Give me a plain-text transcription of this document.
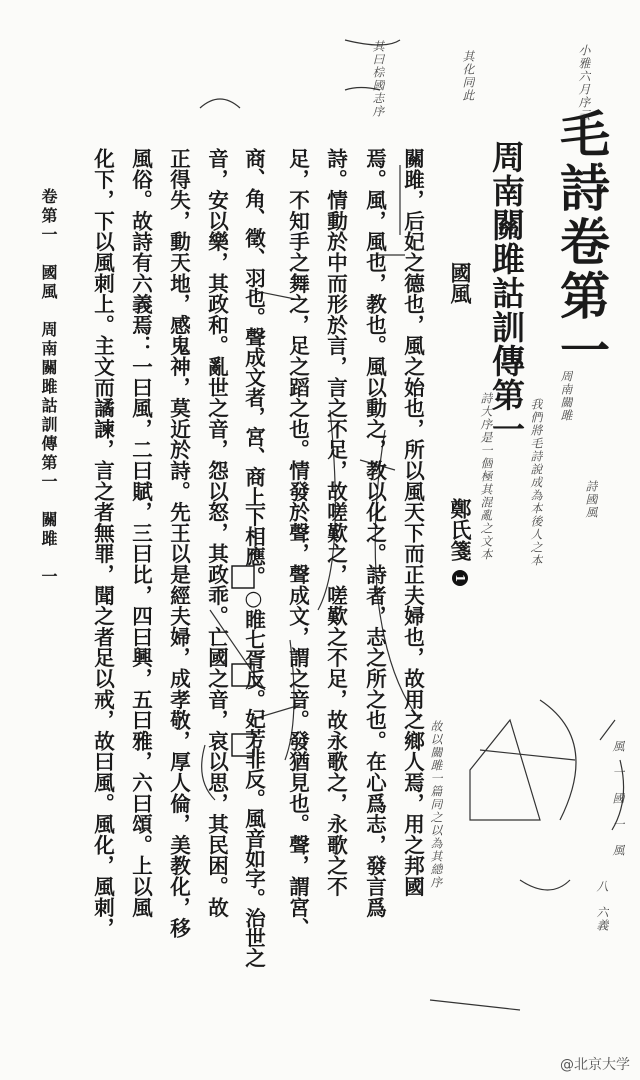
毛詩卷第一
周南關雎詁訓傳第一
國風
鄭氏箋 1
關雎，后妃之德也，風之始也，所以風天下而正夫婦也，故用之鄉人焉，用之邦國
焉。風，風也，教也。風以動之，教以化之。詩者，志之所之也。在心爲志，發言爲
詩。情動於中而形於言，言之不足，故嗟歎之，嗟歎之不足，故永歌之，永歌之不
足，不知手之舞之，足之蹈之也。情發於聲，聲成文，謂之音。發猶見也。聲，謂宮、
商、角、徵、羽也。聲成文者，宮、商上下相應。○睢七胥反。妃芳非反。風音如字。治世之
音，安以樂，其政和。亂世之音，怨以怒，其政乖。亡國之音，哀以思，其民困。故
正得失，動天地，感鬼神，莫近於詩。先王以是經夫婦，成孝敬，厚人倫，美教化，移
風俗。故詩有六義焉：一曰風，二曰賦，三曰比，四曰興，五曰雅，六曰頌。上以風
化下，下以風刺上。主文而譎諫，言之者無罪，聞之者足以戒，故曰風。風化，風刺，
卷第一　國風　周南關雎詁訓傳第一　關雎　一
小雅六月序云
其化同此
其曰棕國志序
詩大序是一個極其混亂之文本	我們將毛詩說成為本後人之本	詩國風
周南關雎
風　一　國　一　風
八　六義
故以關雎一篇同之以為其總序
@北京大学
